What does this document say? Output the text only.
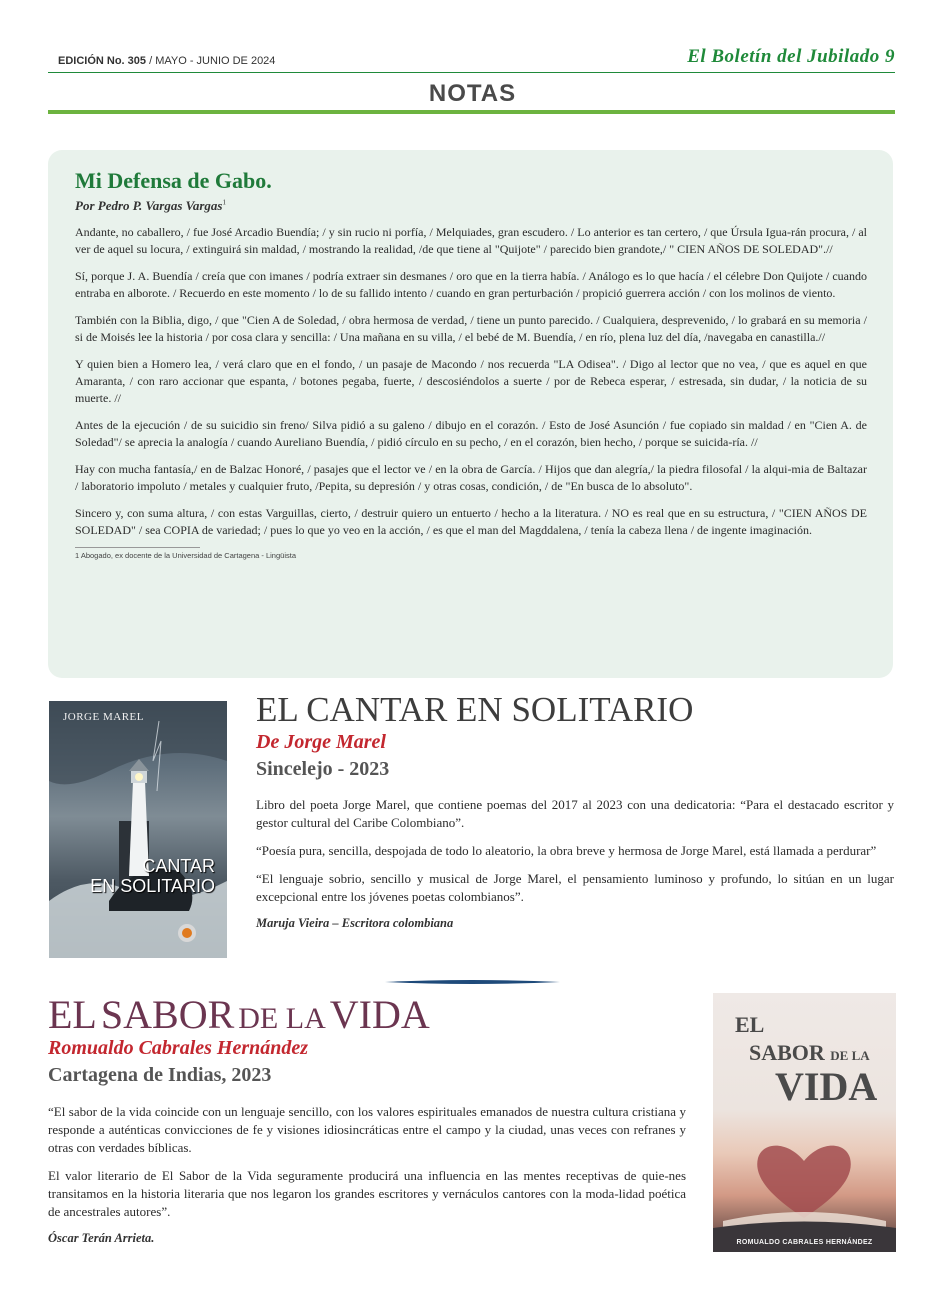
EDICIÓN No. 305 / MAYO - JUNIO DE 2024	El Boletín del Jubilado 9
NOTAS
Mi Defensa de Gabo.
Por Pedro P. Vargas Vargas$^1$

Andante, no caballero, / fue José Arcadio Buendía; / y sin rucio ni porfía, / Melquiades, gran escudero. / Lo anterior es tan certero, / que Úrsula Igua-rán procura, / al ver de aquel su locura, / extinguirá sin maldad, / mostrando la realidad, /de que tiene al "Quijote" / parecido bien grandote,/ " CIEN AÑOS DE SOLEDAD".//

Sí, porque J. A. Buendía / creía que con imanes / podría extraer sin desmanes / oro que en la tierra había. / Análogo es lo que hacía / el célebre Don Quijote / cuando entraba en alborote. / Recuerdo en este momento / lo de su fallido intento / cuando en gran perturbación / propició guerrera acción / con los molinos de viento.

También con la Biblia, digo, / que "Cien A de Soledad, / obra hermosa de verdad, / tiene un punto parecido. / Cualquiera, desprevenido, / lo grabará en su memoria / si de Moisés lee la historia / por cosa clara y sencilla: / Una mañana en su villa, / el bebé de M. Buendía, / en río, plena luz del día, /navegaba en canastilla.//

Y quien bien a Homero lea, / verá claro que en el fondo, / un pasaje de Macondo / nos recuerda "LA Odisea". / Digo al lector que no vea, / que es aquel en que Amaranta, / con raro accionar que espanta, / botones pegaba, fuerte, / descosiéndolos a suerte / por de Rebeca esperar, / estresada, sin dudar, / la noticia de su muerte. //

Antes de la ejecución / de su suicidio sin freno/ Silva pidió a su galeno / dibujo en el corazón. / Esto de José Asunción / fue copiado sin maldad / en "Cien A. de Soledad"/ se aprecia la analogía / cuando Aureliano Buendía, / pidió círculo en su pecho, / en el corazón, bien hecho, / porque se suicida-ría. //

Hay con mucha fantasía,/ en de Balzac Honoré, / pasajes que el lector ve / en la obra de García. / Hijos que dan alegría,/ la piedra filosofal / la alqui-mia de Baltazar / laboratorio impoluto / metales y cualquier fruto, /Pepita, su depresión / y otras cosas, condición, / de "En busca de lo absoluto".

Sincero y, con suma altura, / con estas Varguillas, cierto, / destruir quiero un entuerto / hecho a la literatura. / NO es real que en su estructura, / "CIEN AÑOS DE SOLEDAD" / sea COPIA de variedad; / pues lo que yo veo en la acción, / es que el man del Magddalena, / tenía la cabeza llena / de ingente imaginación.

1 Abogado, ex docente de la Universidad de Cartagena - Lingüista
JORGE MAREL
CANTAR
EN SOLITARIO
EL CANTAR EN SOLITARIO
De Jorge Marel
Sincelejo - 2023

Libro del poeta Jorge Marel, que contiene poemas del 2017 al 2023 con una dedicatoria: “Para el destacado escritor y gestor cultural del Caribe Colombiano”.

“Poesía pura, sencilla, despojada de todo lo aleatorio, la obra breve y hermosa de Jorge Marel, está llamada a perdurar”

“El lenguaje sobrio, sencillo y musical de Jorge Marel, el pensamiento luminoso y profundo, lo sitúan en un lugar excepcional entre los jóvenes poetas colombianos”.

Maruja Vieira – Escritora colombiana

EL SABOR DE LA VIDA
Romualdo Cabrales Hernández
Cartagena de Indias, 2023

“El sabor de la vida coincide con un lenguaje sencillo, con los valores espirituales emanados de nuestra cultura cristiana y responde a auténticas convicciones de fe y visiones idiosincráticas entre el campo y la ciudad, unas veces con refranes y otras con verdades bíblicas.

El valor literario de El Sabor de la Vida seguramente producirá una influencia en las mentes receptivas de quie-nes transitamos en la historia literaria que nos legaron los grandes escritores y vernáculos cantores con la moda-lidad poética de ancestrales autores”.

Óscar Terán Arrieta.

EL
SABOR DE LA
VIDA
ROMUALDO CABRALES HERNÁNDEZ
